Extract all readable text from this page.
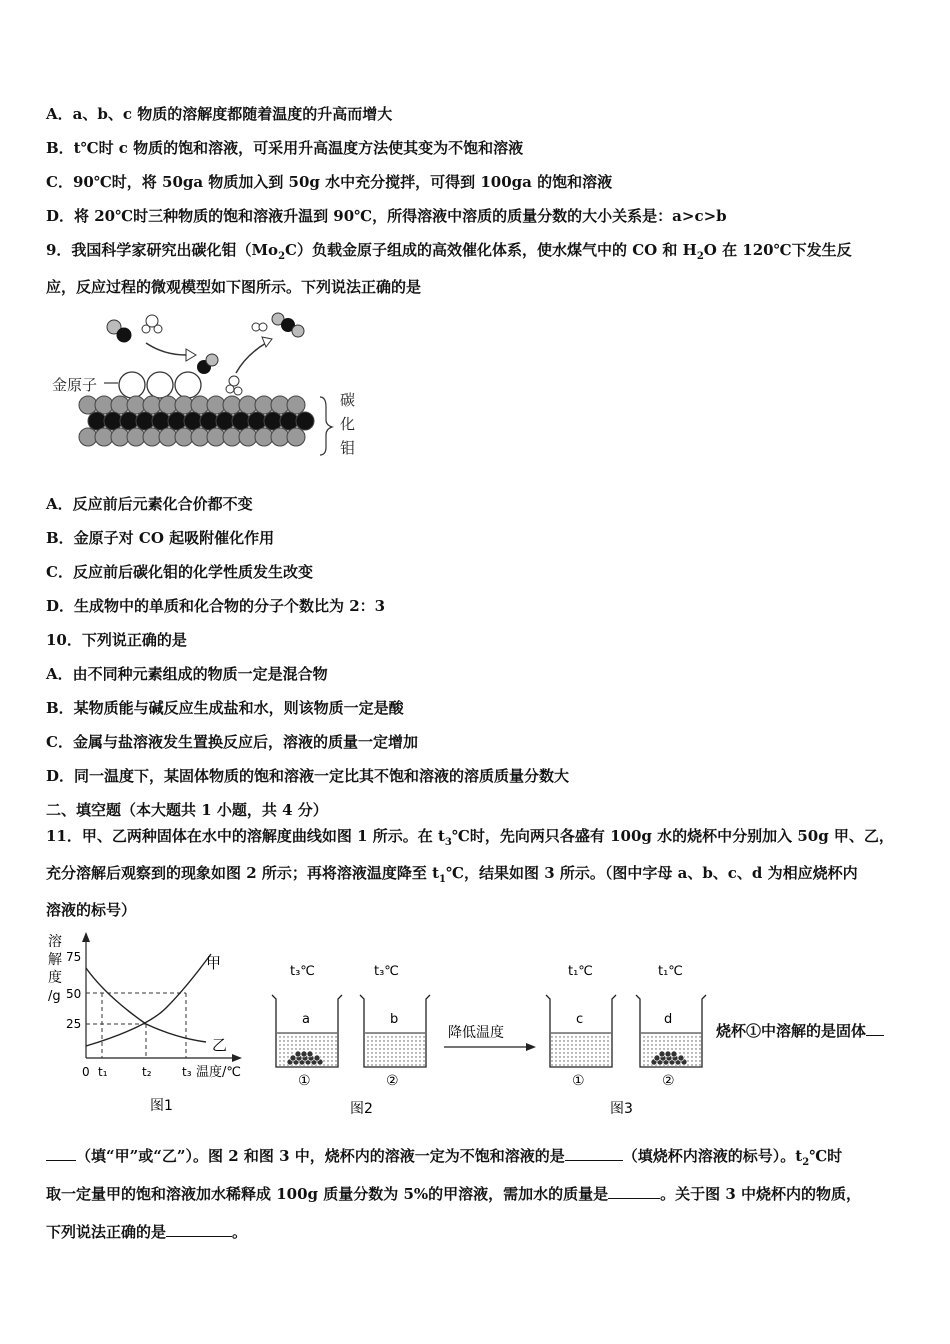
A．a、b、c 物质的溶解度都随着温度的升高而增大
B．t℃时 c 物质的饱和溶液，可采用升高温度方法使其变为不饱和溶液
C．90℃时，将 50ga 物质加入到 50g 水中充分搅拌，可得到 100ga 的饱和溶液
D．将 20℃时三种物质的饱和溶液升温到 90℃，所得溶液中溶质的质量分数的大小关系是：a>c>b
9．我国科学家研究出碳化钼$(Mo_2C)$负载金原子组成的高效催化体系，使水煤气中的 CO 和 $H_2O$ 在 120℃下发生反
应，反应过程的微观模型如下图所示。下列说法正确的是
金原子
碳
化
钼
A．反应前后元素化合价都不变
B．金原子对 CO 起吸附催化作用
C．反应前后碳化钼的化学性质发生改变
D．生成物中的单质和化合物的分子个数比为 2：3
10．下列说正确的是
A．由不同种元素组成的物质一定是混合物
B．某物质能与碱反应生成盐和水，则该物质一定是酸
C．金属与盐溶液发生置换反应后，溶液的质量一定增加
D．同一温度下，某固体物质的饱和溶液一定比其不饱和溶液的溶质质量分数大
二、填空题（本大题共 1 小题，共 4 分）
11．甲、乙两种固体在水中的溶解度曲线如图 1 所示。在 $t_3℃$时，先向两只各盛有 100g 水的烧杯中分别加入 50g 甲、乙，
充分溶解后观察到的现象如图 2 所示；再将溶液温度降至 $t_1℃$，结果如图 3 所示。（图中字母 a、b、c、d 为相应烧杯内
溶液的标号）
溶
解
度
/g
75
50
25
甲
乙
0 t₁	t₂	t₃ 温度/℃
图1
t₃℃	t₃℃
a
①
b
②
图2
降低温度
t₁℃	t₁℃
c
①
d
②
图3
烧杯①中溶解的是固体
（填“甲”或“乙”）。图 2 和图 3 中，烧杯内的溶液一定为不饱和溶液的是	（填烧杯内溶液的标号）。$t_2℃$时
取一定量甲的饱和溶液加水稀释成 100g 质量分数为 5%的甲溶液，需加水的质量是	。关于图 3 中烧杯内的物质，
下列说法正确的是	。
